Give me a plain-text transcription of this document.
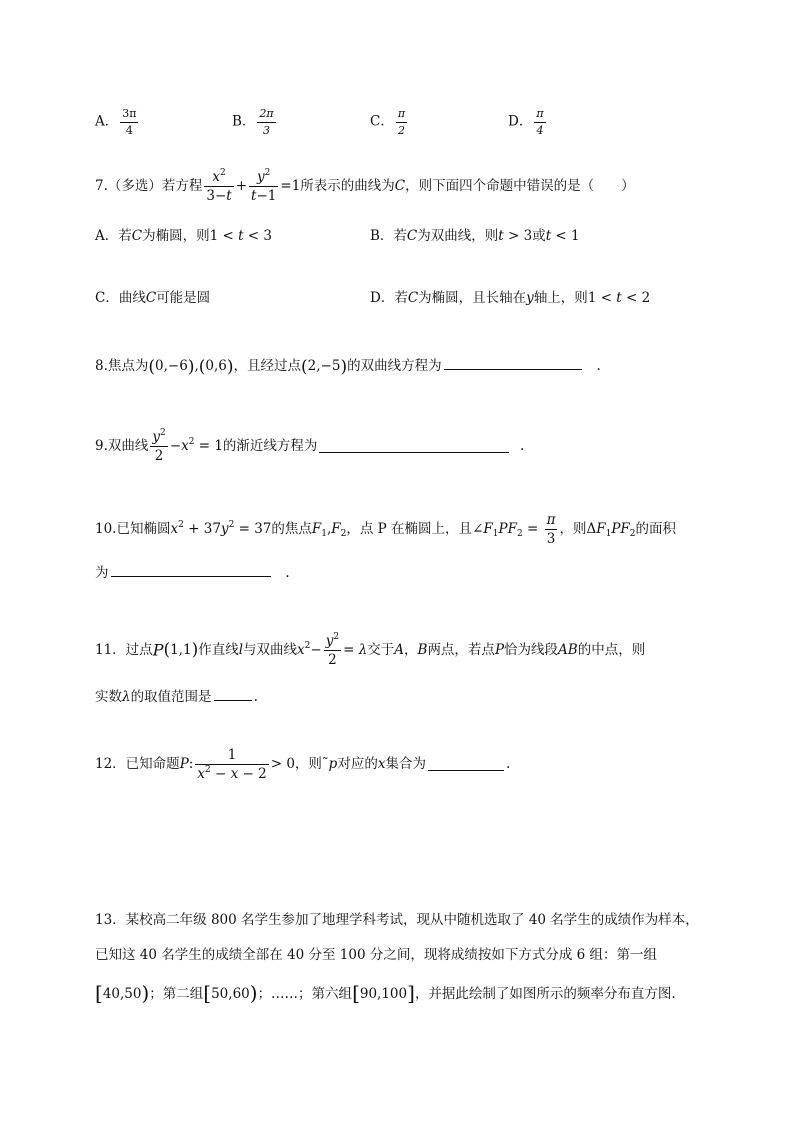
A． $\frac{3\pi}{4}$	B． $\frac{2\pi}{3}$	C． $\frac{\pi}{2}$	D． $\frac{\pi}{4}$
7.（多选）若方程 $\frac{x^2}{3-t} + \frac{y^2}{t-1} =1$所表示的曲线为C，则下面四个命题中错误的是（　　）
A．若C为椭圆，则1 < t < 3	B．若C为双曲线，则t > 3或t < 1
C．曲线C可能是圆	D．若C为椭圆，且长轴在y轴上，则1 < t < 2
8.焦点为(0,−6),(0,6)，且经过点(2,−5)的双曲线方程为	.
9.双曲线 $\frac{y^2}{2} -x^2 = 1$的渐近线方程为	.
10.已知椭圆$x^2 + 37y^2 = 37$的焦点$F_1,F_2$，点 P 在椭圆上，且$\angle F_1PF_2 = \frac{\pi}{3}$ ，则$\Delta F_1PF_2$的面积
为	.
11．过点P(1,1)作直线l与双曲线$x^2- \frac{y^2}{2} = \lambda$交于A，B两点，若点P恰为线段AB的中点，则
实数λ的取值范围是	.
12．已知命题P: $\frac{1}{x^2 - x - 2} > 0$，则˜p对应的x集合为	.
13．某校高二年级 800 名学生参加了地理学科考试，现从中随机选取了 40 名学生的成绩作为样本，
已知这 40 名学生的成绩全部在 40 分至 100 分之间，现将成绩按如下方式分成 6 组：第一组
[40,50)；第二组[50,60)；……；第六组[90,100]，并据此绘制了如图所示的频率分布直方图.
